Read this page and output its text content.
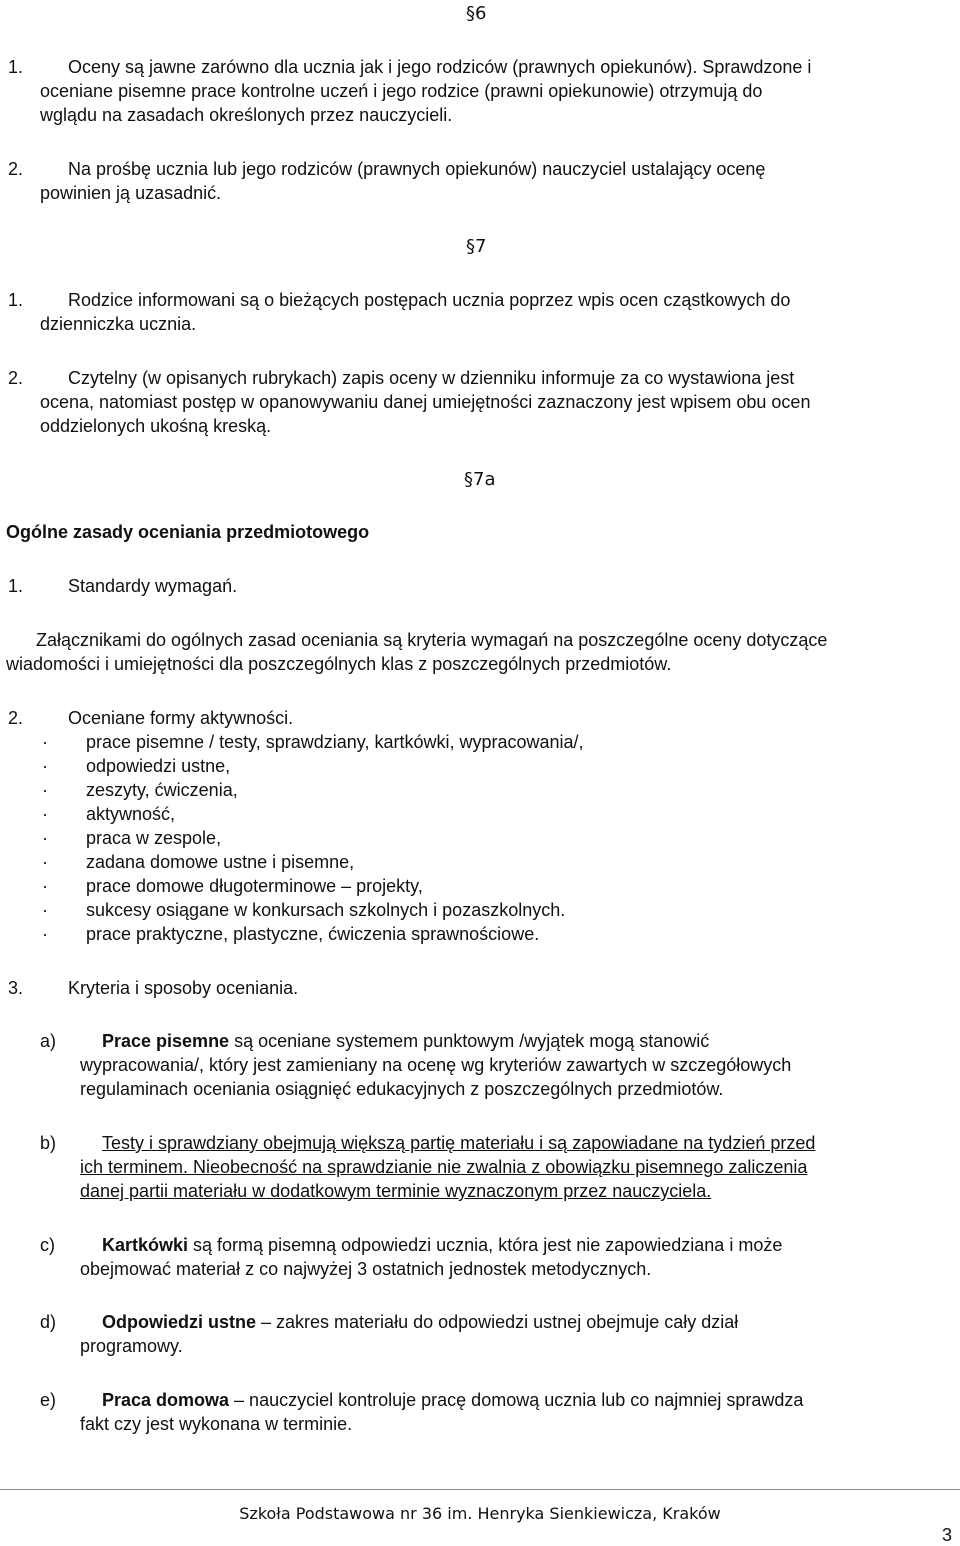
§6
1. Oceny są jawne zarówno dla ucznia jak i jego rodziców (prawnych opiekunów). Sprawdzone i
oceniane pisemne prace kontrolne uczeń i jego rodzice (prawni opiekunowie) otrzymują do
wglądu na zasadach określonych przez nauczycieli.
2. Na prośbę ucznia lub jego rodziców (prawnych opiekunów) nauczyciel ustalający ocenę
powinien ją uzasadnić.
§7
1. Rodzice informowani są o bieżących postępach ucznia poprzez wpis ocen cząstkowych do
dzienniczka ucznia.
2. Czytelny (w opisanych rubrykach) zapis oceny w dzienniku informuje za co wystawiona jest
ocena, natomiast postęp w opanowywaniu danej umiejętności zaznaczony jest wpisem obu ocen
oddzielonych ukośną kreską.
§7a
Ogólne zasady oceniania przedmiotowego
1. Standardy wymagań.
Załącznikami do ogólnych zasad oceniania są kryteria wymagań na poszczególne oceny dotyczące
wiadomości i umiejętności dla poszczególnych klas z poszczególnych przedmiotów.
2. Oceniane formy aktywności.
· prace pisemne / testy, sprawdziany, kartkówki, wypracowania/,
· odpowiedzi ustne,
· zeszyty, ćwiczenia,
· aktywność,
· praca w zespole,
· zadana domowe ustne i pisemne,
· prace domowe długoterminowe – projekty,
· sukcesy osiągane w konkursach szkolnych i pozaszkolnych.
· prace praktyczne, plastyczne, ćwiczenia sprawnościowe.
3. Kryteria i sposoby oceniania.
a)	Prace pisemne są oceniane systemem punktowym /wyjątek mogą stanowić
wypracowania/, który jest zamieniany na ocenę wg kryteriów zawartych w szczegółowych
regulaminach oceniania osiągnięć edukacyjnych z poszczególnych przedmiotów.
b)	Testy i sprawdziany obejmują większą partię materiału i są zapowiadane na tydzień przed
ich terminem. Nieobecność na sprawdzianie nie zwalnia z obowiązku pisemnego zaliczenia
danej partii materiału w dodatkowym terminie wyznaczonym przez nauczyciela.
c)	Kartkówki są formą pisemną odpowiedzi ucznia, która jest nie zapowiedziana i może
obejmować materiał z co najwyżej 3 ostatnich jednostek metodycznych.
d)	Odpowiedzi ustne – zakres materiału do odpowiedzi ustnej obejmuje cały dział
programowy.
e)	Praca domowa – nauczyciel kontroluje pracę domową ucznia lub co najmniej sprawdza
fakt czy jest wykonana w terminie.
Szkoła Podstawowa nr 36 im. Henryka Sienkiewicza, Kraków
3
